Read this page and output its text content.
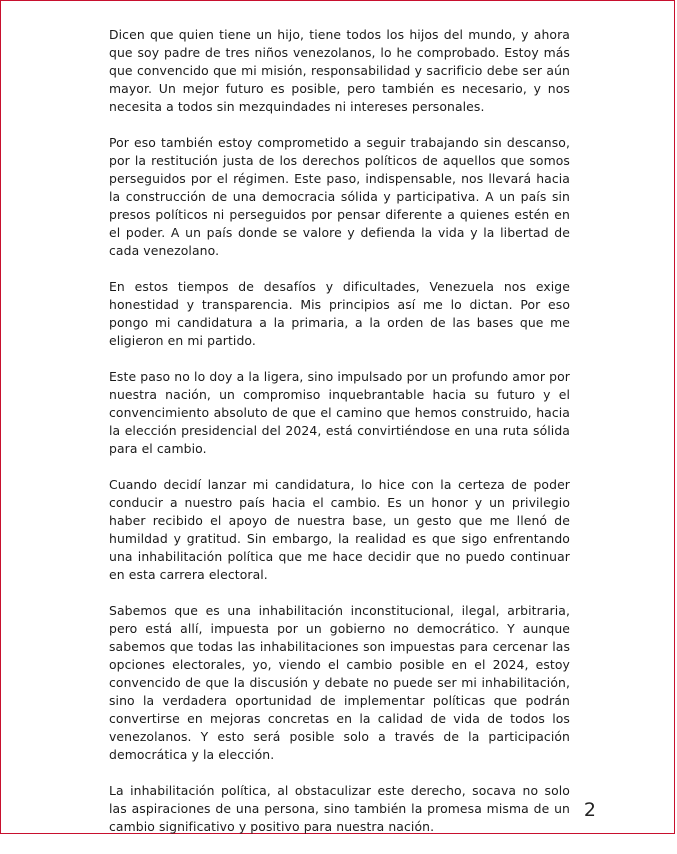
Dicen que quien tiene un hijo, tiene todos los hijos del mundo, y ahora que soy padre de tres niños venezolanos, lo he comprobado. Estoy más que convencido que mi misión, responsabilidad y sacrificio debe ser aún mayor. Un mejor futuro es posible, pero también es necesario, y nos necesita a todos sin mezquindades ni intereses personales.

Por eso también estoy comprometido a seguir trabajando sin descanso, por la restitución justa de los derechos políticos de aquellos que somos perseguidos por el régimen. Este paso, indispensable, nos llevará hacia la construcción de una democracia sólida y participativa. A un país sin presos políticos ni perseguidos por pensar diferente a quienes estén en el poder. A un país donde se valore y defienda la vida y la libertad de cada venezolano.

En estos tiempos de desafíos y dificultades, Venezuela nos exige honestidad y transparencia. Mis principios así me lo dictan. Por eso pongo mi candidatura a la primaria, a la orden de las bases que me eligieron en mi partido.

Este paso no lo doy a la ligera, sino impulsado por un profundo amor por nuestra nación, un compromiso inquebrantable hacia su futuro y el convencimiento absoluto de que el camino que hemos construido, hacia la elección presidencial del 2024, está convirtiéndose en una ruta sólida para el cambio.

Cuando decidí lanzar mi candidatura, lo hice con la certeza de poder conducir a nuestro país hacia el cambio. Es un honor y un privilegio haber recibido el apoyo de nuestra base, un gesto que me llenó de humildad y gratitud. Sin embargo, la realidad es que sigo enfrentando una inhabilitación política que me hace decidir que no puedo continuar en esta carrera electoral.

Sabemos que es una inhabilitación inconstitucional, ilegal, arbitraria, pero está allí, impuesta por un gobierno no democrático. Y aunque sabemos que todas las inhabilitaciones son impuestas para cercenar las opciones electorales, yo, viendo el cambio posible en el 2024, estoy convencido de que la discusión y debate no puede ser mi inhabilitación, sino la verdadera oportunidad de implementar políticas que podrán convertirse en mejoras concretas en la calidad de vida de todos los venezolanos. Y esto será posible solo a través de la participación democrática y la elección.

La inhabilitación política, al obstaculizar este derecho, socava no solo las aspiraciones de una persona, sino también la promesa misma de un cambio significativo y positivo para nuestra nación.

2
